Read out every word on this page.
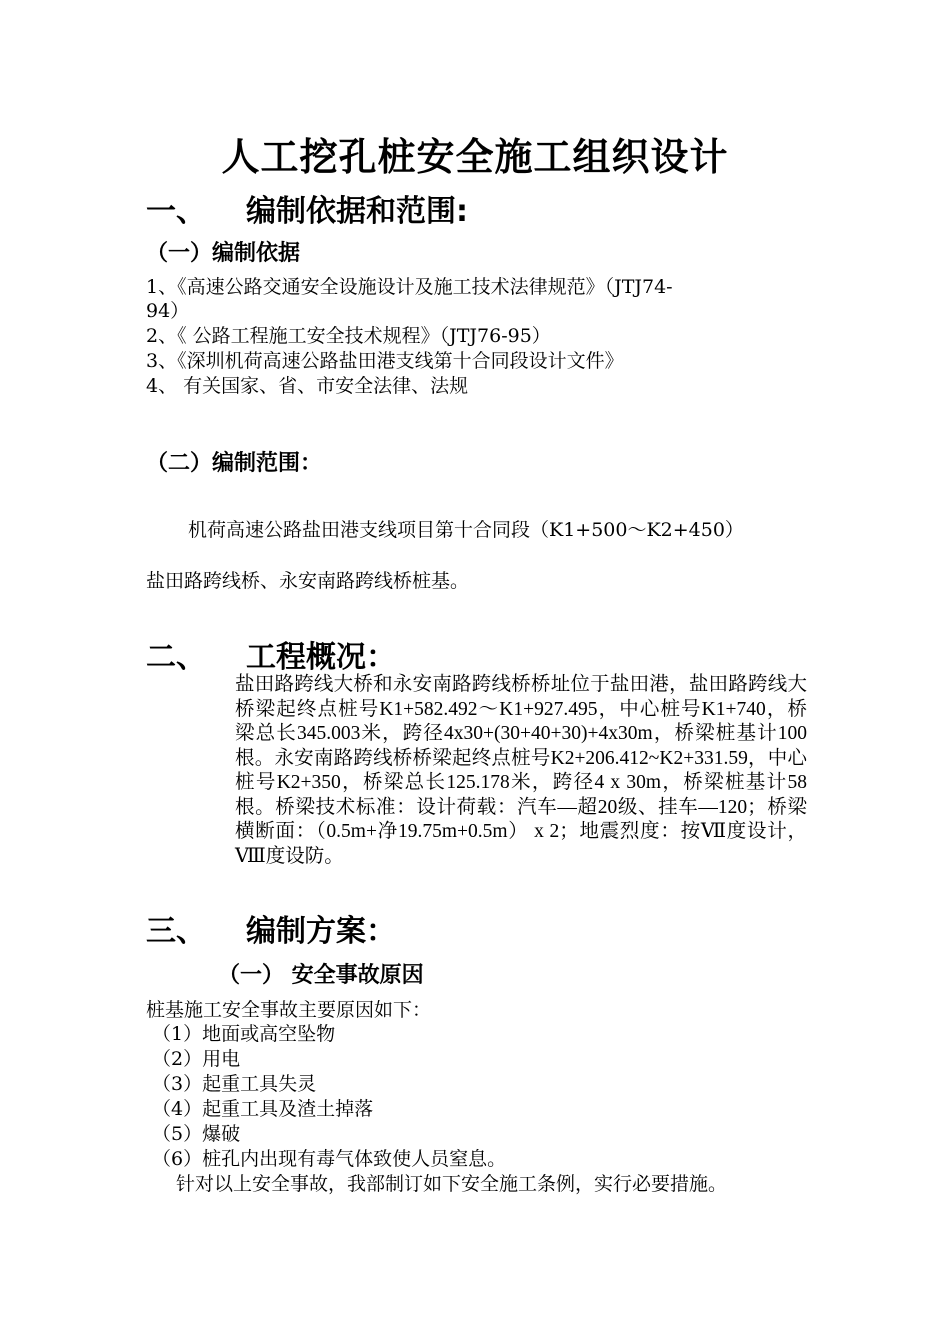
人工挖孔桩安全施工组织设计
一、 编制依据和范围:
（一）编制依据
1、《高速公路交通安全设施设计及施工技术法律规范》（JTJ74-
94）
2、《 公路工程施工安全技术规程》（JTJ76-95）
3、《深圳机荷高速公路盐田港支线第十合同段设计文件》
4、 有关国家、省、市安全法律、法规
（二）编制范围：
机荷高速公路盐田港支线项目第十合同段（K1+500～K2+450）
盐田路跨线桥、永安南路跨线桥桩基。
二、 工程概况：
盐田路跨线大桥和永安南路跨线桥桥址位于盐田港，盐田路跨线大桥梁起终点桩号K1+582.492～K1+927.495，中心桩号K1+740，桥梁总长345.003米，跨径4x30+(30+40+30)+4x30m，桥梁桩基计100根。永安南路跨线桥桥梁起终点桩号K2+206.412~K2+331.59，中心桩号K2+350，桥梁总长125.178米，跨径4 x 30m，桥梁桩基计58根。桥梁技术标准：设计荷载：汽车—超20级、挂车—120；桥梁横断面：（0.5m+净19.75m+0.5m） x 2；地震烈度：按Ⅶ度设计，Ⅷ度设防。
三、 编制方案：
（一） 安全事故原因
桩基施工安全事故主要原因如下：
（1）地面或高空坠物
（2）用电
（3）起重工具失灵
（4）起重工具及渣土掉落
（5）爆破
（6）桩孔内出现有毒气体致使人员窒息。
针对以上安全事故，我部制订如下安全施工条例，实行必要措施。
